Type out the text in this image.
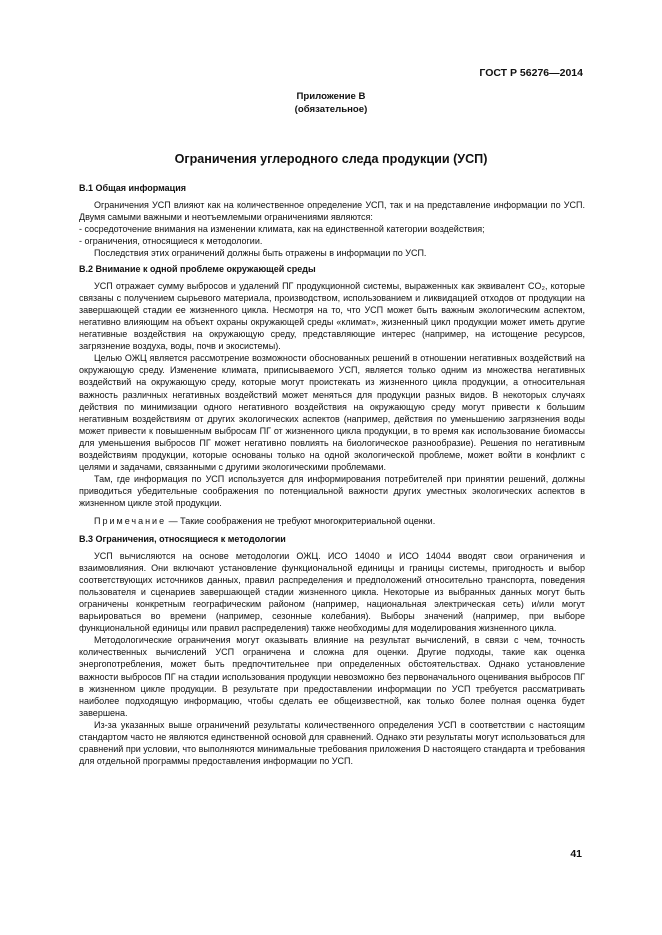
ГОСТ Р 56276—2014
Приложение В
(обязательное)
Ограничения углеродного следа продукции (УСП)
В.1 Общая информация

Ограничения УСП влияют как на количественное определение УСП, так и на представление информации по УСП. Двумя самыми важными и неотъемлемыми ограничениями являются:

- сосредоточение внимания на изменении климата, как на единственной категории воздействия;

- ограничения, относящиеся к методологии.

Последствия этих ограничений должны быть отражены в информации по УСП.

В.2 Внимание к одной проблеме окружающей среды

УСП отражает сумму выбросов и удалений ПГ продукционной системы, выраженных как эквивалент CO₂, которые связаны с получением сырьевого материала, производством, использованием и ликвидацией отходов от продукции на завершающей стадии ее жизненного цикла. Несмотря на то, что УСП может быть важным экологическим аспектом, негативно влияющим на объект охраны окружающей среды «климат», жизненный цикл продукции может иметь другие негативные воздействия на окружающую среду, представляющие интерес (например, на истощение ресурсов, загрязнение воздуха, воды, почв и экосистемы).

Целью ОЖЦ является рассмотрение возможности обоснованных решений в отношении негативных воздействий на окружающую среду. Изменение климата, приписываемого УСП, является только одним из множества негативных воздействий на окружающую среду, которые могут проистекать из жизненного цикла продукции, а относительная важность различных негативных воздействий может меняться для продукции разных видов. В некоторых случаях действия по минимизации одного негативного воздействия на окружающую среду могут привести к большим негативным воздействиям от других экологических аспектов (например, действия по уменьшению загрязнения воды может привести к повышенным выбросам ПГ от жизненного цикла продукции, в то время как использование биомассы для уменьшения выбросов ПГ может негативно повлиять на биологическое разнообразие). Решения по негативным воздействиям продукции, которые основаны только на одной экологической проблеме, может войти в конфликт с целями и задачами, связанными с другими экологическими проблемами.

Там, где информация по УСП используется для информирования потребителей при принятии решений, должны приводиться убедительные соображения по потенциальной важности других уместных экологических аспектов в жизненном цикле этой продукции.

Примечание — Такие соображения не требуют многокритериальной оценки.

В.3 Ограничения, относящиеся к методологии

УСП вычисляются на основе методологии ОЖЦ. ИСО 14040 и ИСО 14044 вводят свои ограничения и взаимовлияния. Они включают установление функциональной единицы и границы системы, пригодность и выбор соответствующих источников данных, правил распределения и предположений относительно транспорта, поведения пользователя и сценариев завершающей стадии жизненного цикла. Некоторые из выбранных данных могут быть ограничены конкретным географическим районом (например, национальная электрическая сеть) и/или могут варьироваться во времени (например, сезонные колебания). Выборы значений (например, при выборе функциональной единицы или правил распределения) также необходимы для моделирования жизненного цикла.

Методологические ограничения могут оказывать влияние на результат вычислений, в связи с чем, точность количественных вычислений УСП ограничена и сложна для оценки. Другие подходы, такие как оценка энергопотребления, может быть предпочтительнее при определенных обстоятельствах. Однако установление важности выбросов ПГ на стадии использования продукции невозможно без первоначального оценивания выбросов ПГ в жизненном цикле продукции. В результате при предоставлении информации по УСП требуется рассматривать наиболее подходящую информацию, чтобы сделать ее общеизвестной, как только более полная оценка будет завершена.

Из-за указанных выше ограничений результаты количественного определения УСП в соответствии с настоящим стандартом часто не являются единственной основой для сравнений. Однако эти результаты могут использоваться для сравнений при условии, что выполняются минимальные требования приложения D настоящего стандарта и требования для отдельной программы предоставления информации по УСП.

41
